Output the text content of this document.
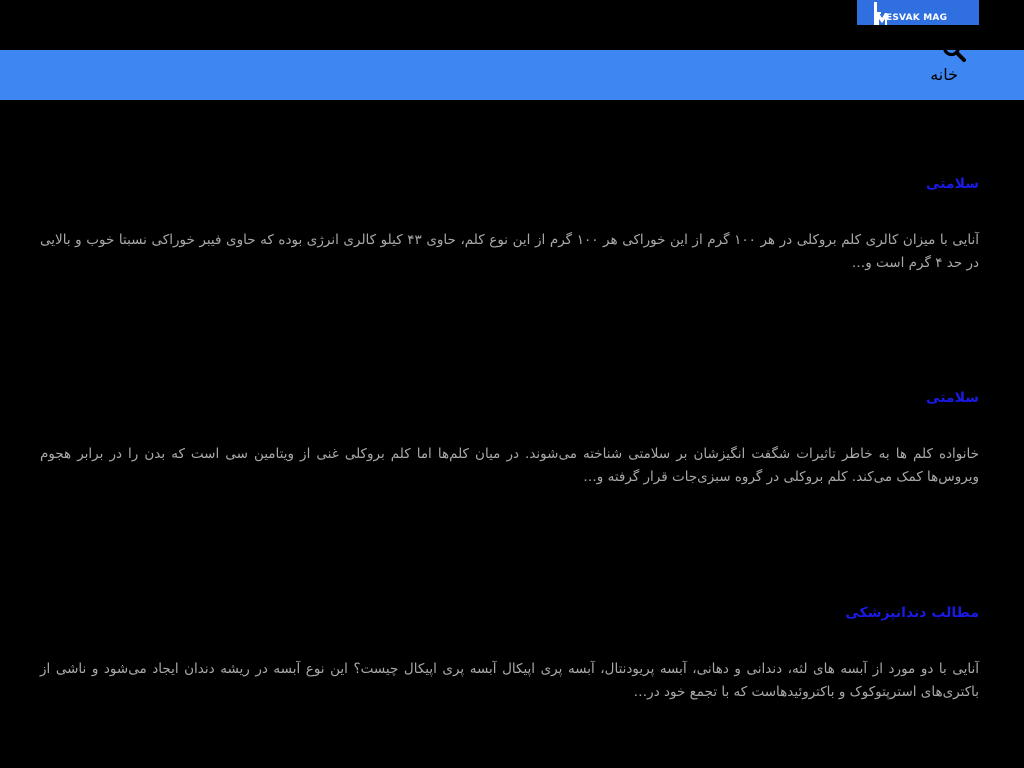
ESVAK MAG
خانه
سلامتی

آنایی با میزان کالری کلم بروکلی در هر ۱۰۰ گرم از این خوراکی هر ۱۰۰ گرم از این نوع کلم، حاوی ۴۳ کیلو کالری انرژی بوده که حاوی فیبر خوراکی نسبتا خوب و بالایی در حد ۴ گرم است و…

سلامتی

خانواده کلم ها به خاطر تاثیرات شگفت انگیزشان بر سلامتی شناخته می‌شوند. در میان کلم‌ها اما کلم بروکلی غنی از ویتامین سی است که بدن را در برابر هجوم ویروس‌ها کمک می‌کند. کلم بروکلی در گروه سبزی‌جات قرار گرفته و…

مطالب دندانپزشکی

آنایی با دو مورد از آبسه های لثه، دندانی و دهانی، آبسه پریودنتال، آبسه پری اپیکال آبسه پری اپیکال چیست؟ این نوع آبسه در ریشه دندان ایجاد می‌شود و ناشی از باکتری‌های استرپتوکوک و باکتروئیدهاست که با تجمع خود در…
